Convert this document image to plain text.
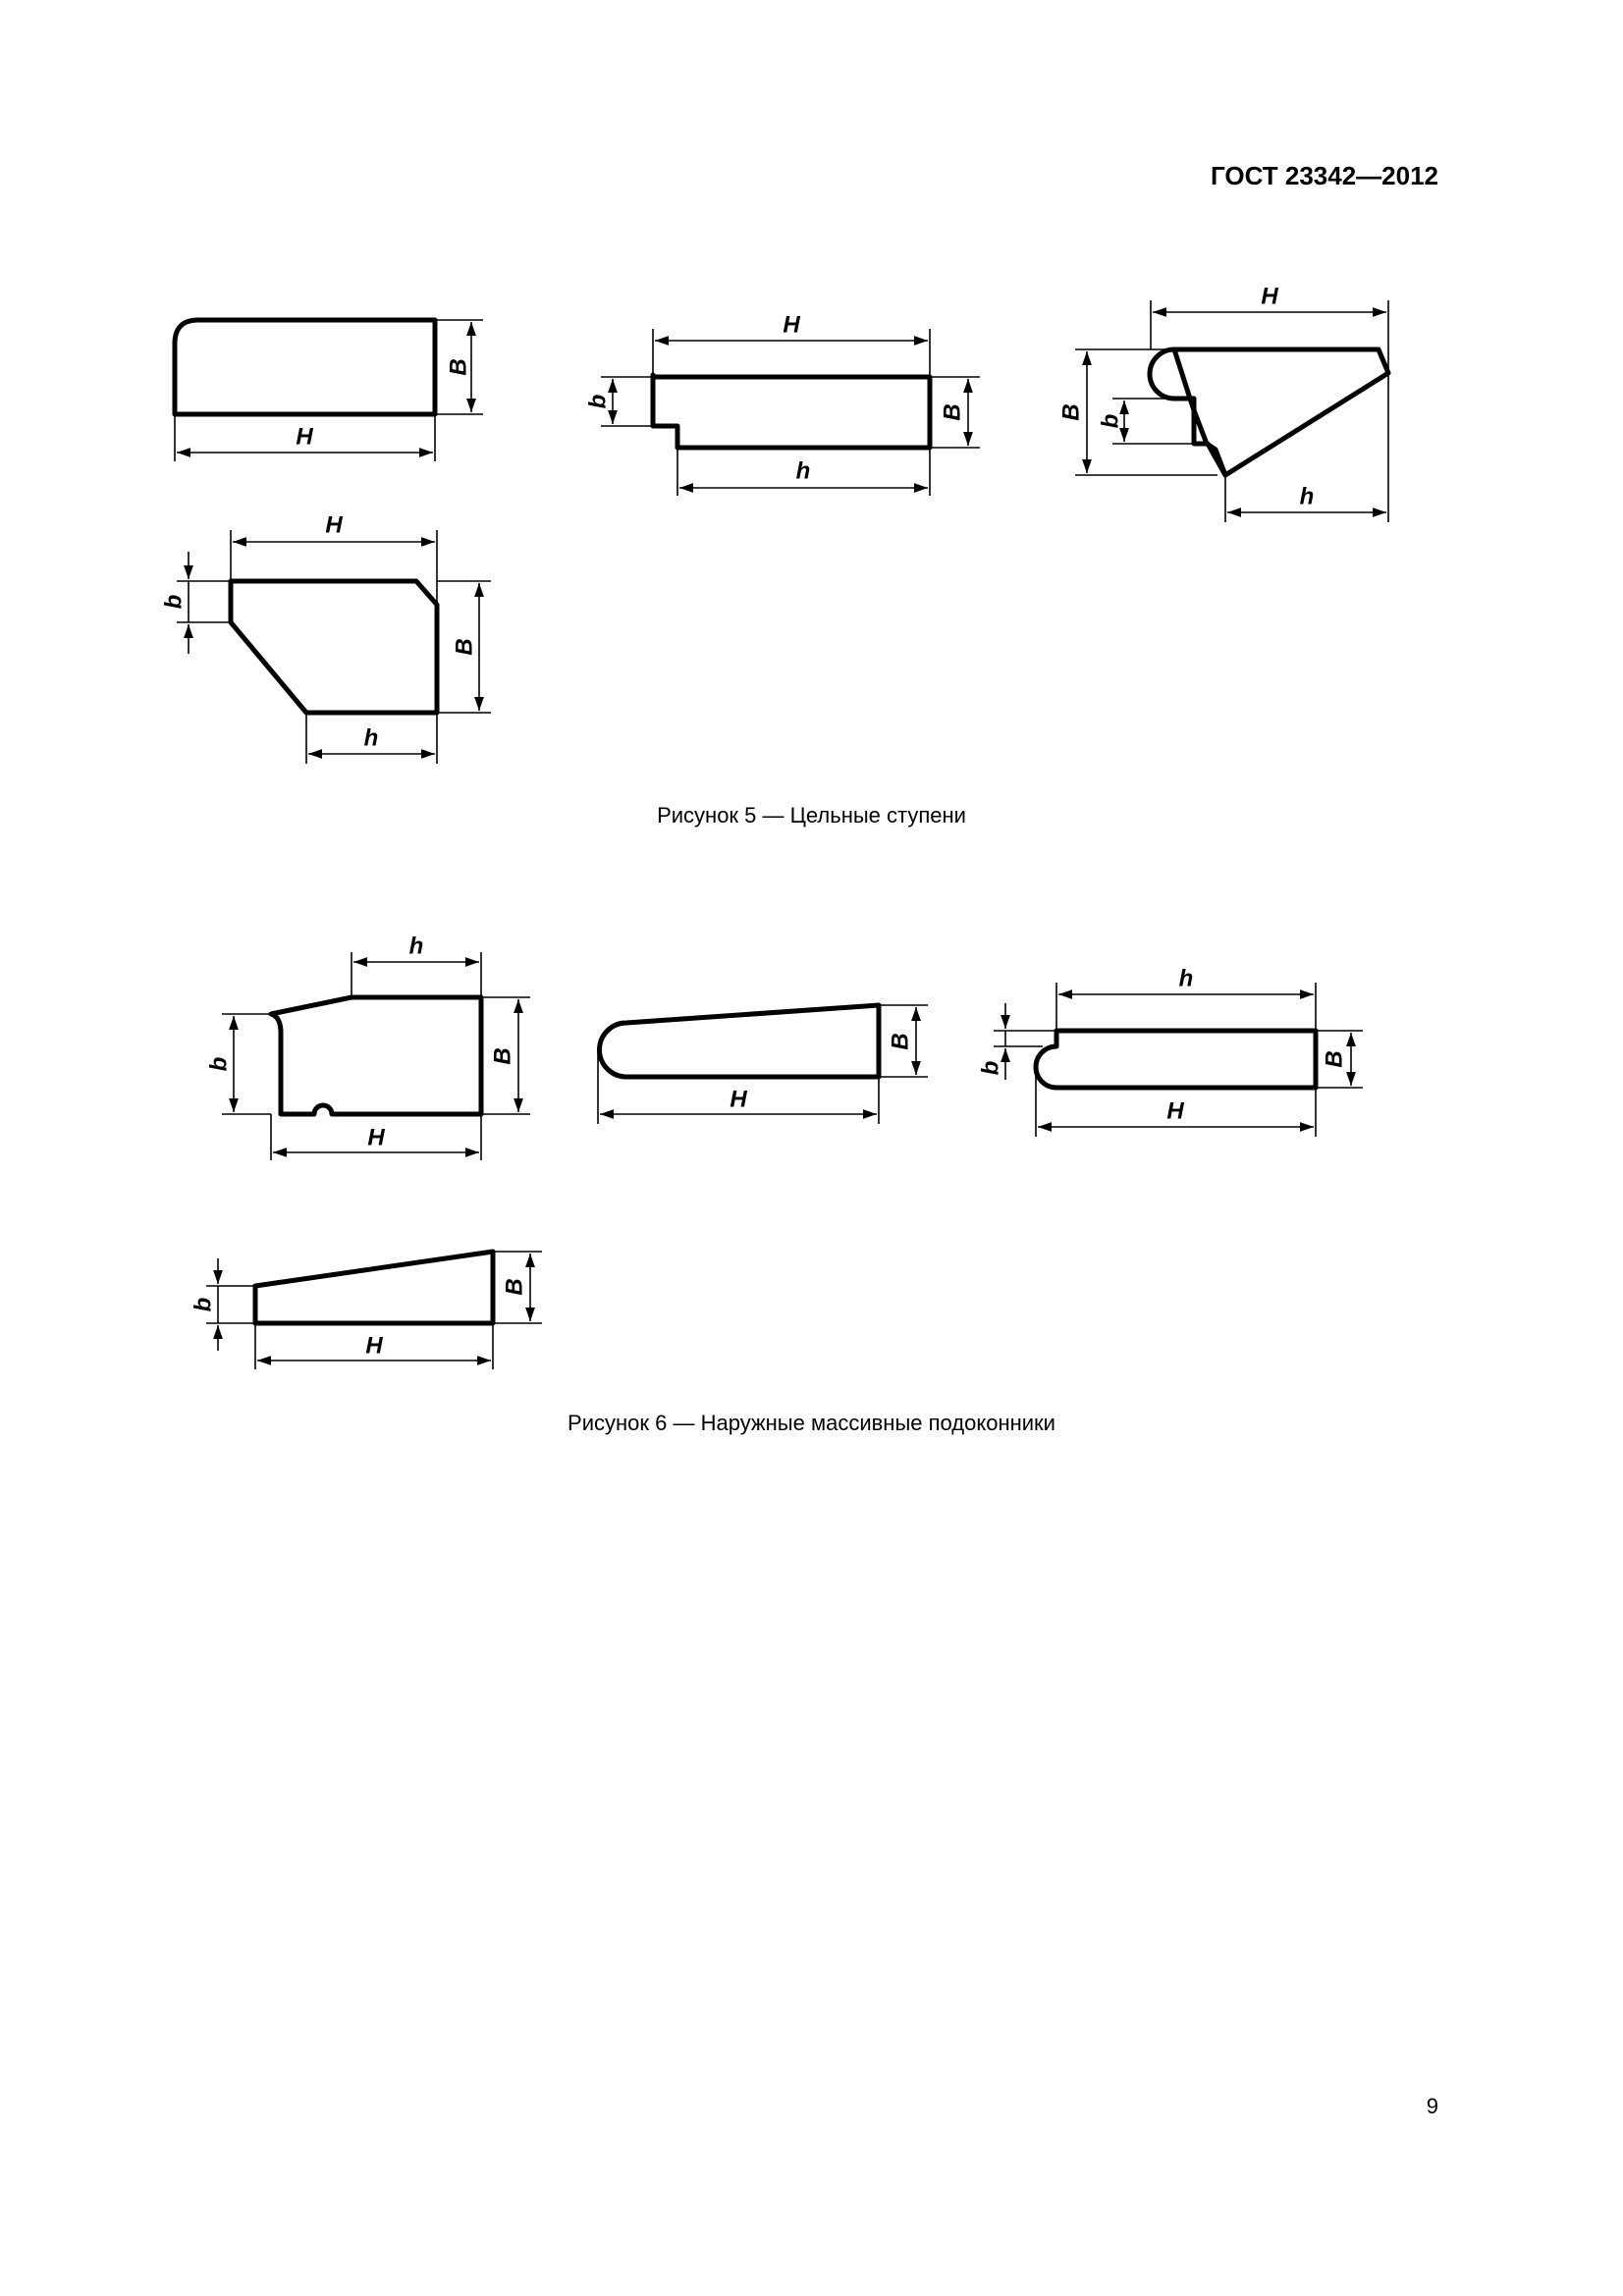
ГОСТ 23342—2012
B
H
H
b
B
h
H
B
b
h
H
b
B
h
h
b	B
H
B
H
h
b
B
H
b
B
H
Рисунок 5 — Цельные ступени
Рисунок 6 — Наружные массивные подоконники
9
